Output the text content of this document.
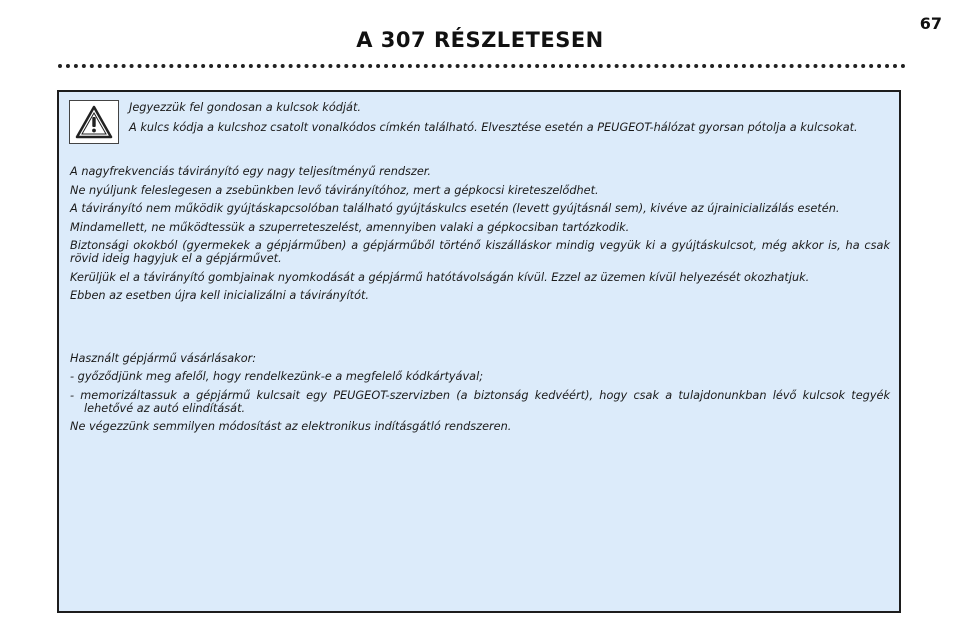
A 307 RÉSZLETESEN
67

Jegyezzük fel gondosan a kulcsok kódját.

A kulcs kódja a kulcshoz csatolt vonalkódos címkén található. Elvesztése esetén a PEUGEOT-hálózat gyorsan pótolja a kulcsokat.

A nagyfrekvenciás távirányító egy nagy teljesítményű rendszer.

Ne nyúljunk feleslegesen a zsebünkben levő távirányítóhoz, mert a gépkocsi kireteszelődhet.

A távirányító nem működik gyújtáskapcsolóban található gyújtáskulcs esetén (levett gyújtásnál sem), kivéve az újrainicializálás esetén.

Mindamellett, ne működtessük a szuperreteszelést, amennyiben valaki a gépkocsiban tartózkodik.

Biztonsági okokból (gyermekek a gépjárműben) a gépjárműből történő kiszálláskor mindig vegyük ki a gyújtáskulcsot, még akkor is, ha csak rövid ideig hagyjuk el a gépjárművet.

Kerüljük el a távirányító gombjainak nyomkodását a gépjármű hatótávolságán kívül. Ezzel az üzemen kívül helyezését okozhatjuk.

Ebben az esetben újra kell inicializálni a távirányítót.

Használt gépjármű vásárlásakor:

- győződjünk meg afelől, hogy rendelkezünk-e a megfelelő kódkártyával;

- memorizáltassuk a gépjármű kulcsait egy PEUGEOT-szervizben (a biztonság kedvéért), hogy csak a tulajdonunkban lévő kulcsok tegyék lehetővé az autó elindítását.

Ne végezzünk semmilyen módosítást az elektronikus indításgátló rendszeren.
